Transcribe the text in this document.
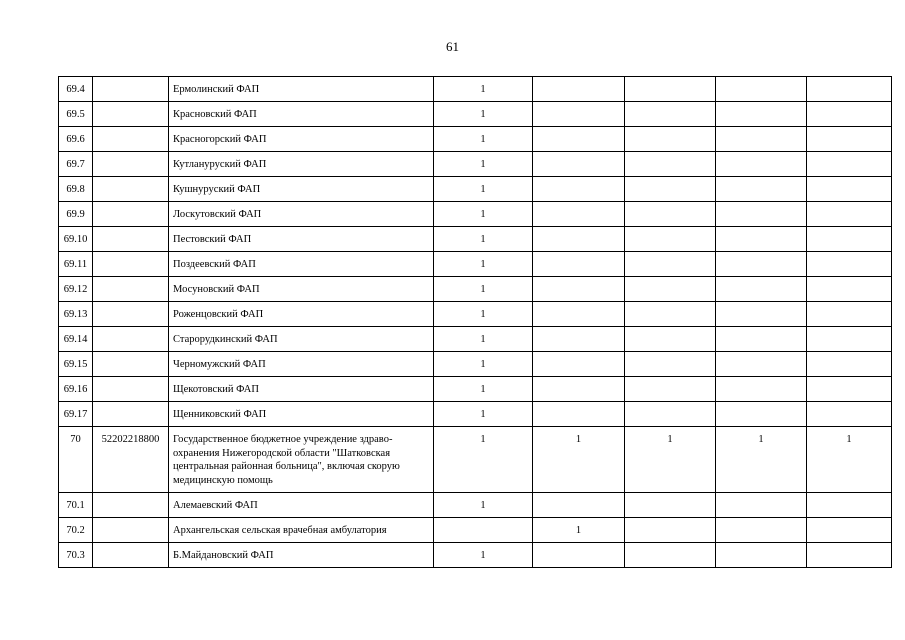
61
69.4		Ермолинский ФАП	1				
69.5		Красновский ФАП	1				
69.6		Красногорский ФАП	1				
69.7		Кутлануруский ФАП	1				
69.8		Кушнуруский ФАП	1				
69.9		Лоскутовский ФАП	1				
69.10		Пестовский ФАП	1				
69.11		Поздеевский ФАП	1				
69.12		Мосуновский ФАП	1				
69.13		Роженцовский ФАП	1				
69.14		Старорудкинский ФАП	1				
69.15		Черномужский ФАП	1				
69.16		Щекотовский ФАП	1				
69.17		Щенниковский ФАП	1				
70	52202218800	Государственное бюджетное учреждение здраво-охранения Нижегородской области "Шатковская центральная районная больница", включая скорую медицинскую помощь	1	1	1	1	1
70.1		Алемаевский ФАП	1				
70.2		Архангельская сельская врачебная амбулатория		1			
70.3		Б.Майдановский ФАП	1				
